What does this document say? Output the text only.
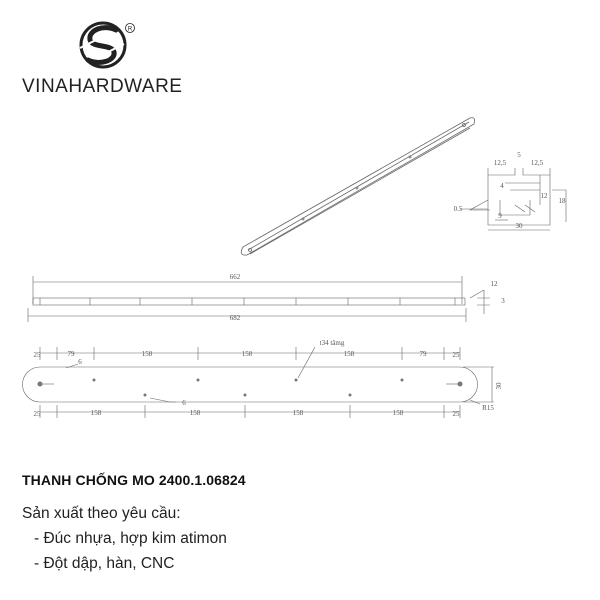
R
12,5
5
12,5
4
12
18
0.5
9
30
662
682
12
3
25	79	158	158	158	79	25
25	158	158	158	158	25
6
6
t34 tâmg
30
R15
VINAHARDWARE
THANH CHỐNG MO 2400.1.06824
Sản xuất theo yêu cầu:
- Đúc nhựa, hợp kim atimon
- Đột dập, hàn, CNC
